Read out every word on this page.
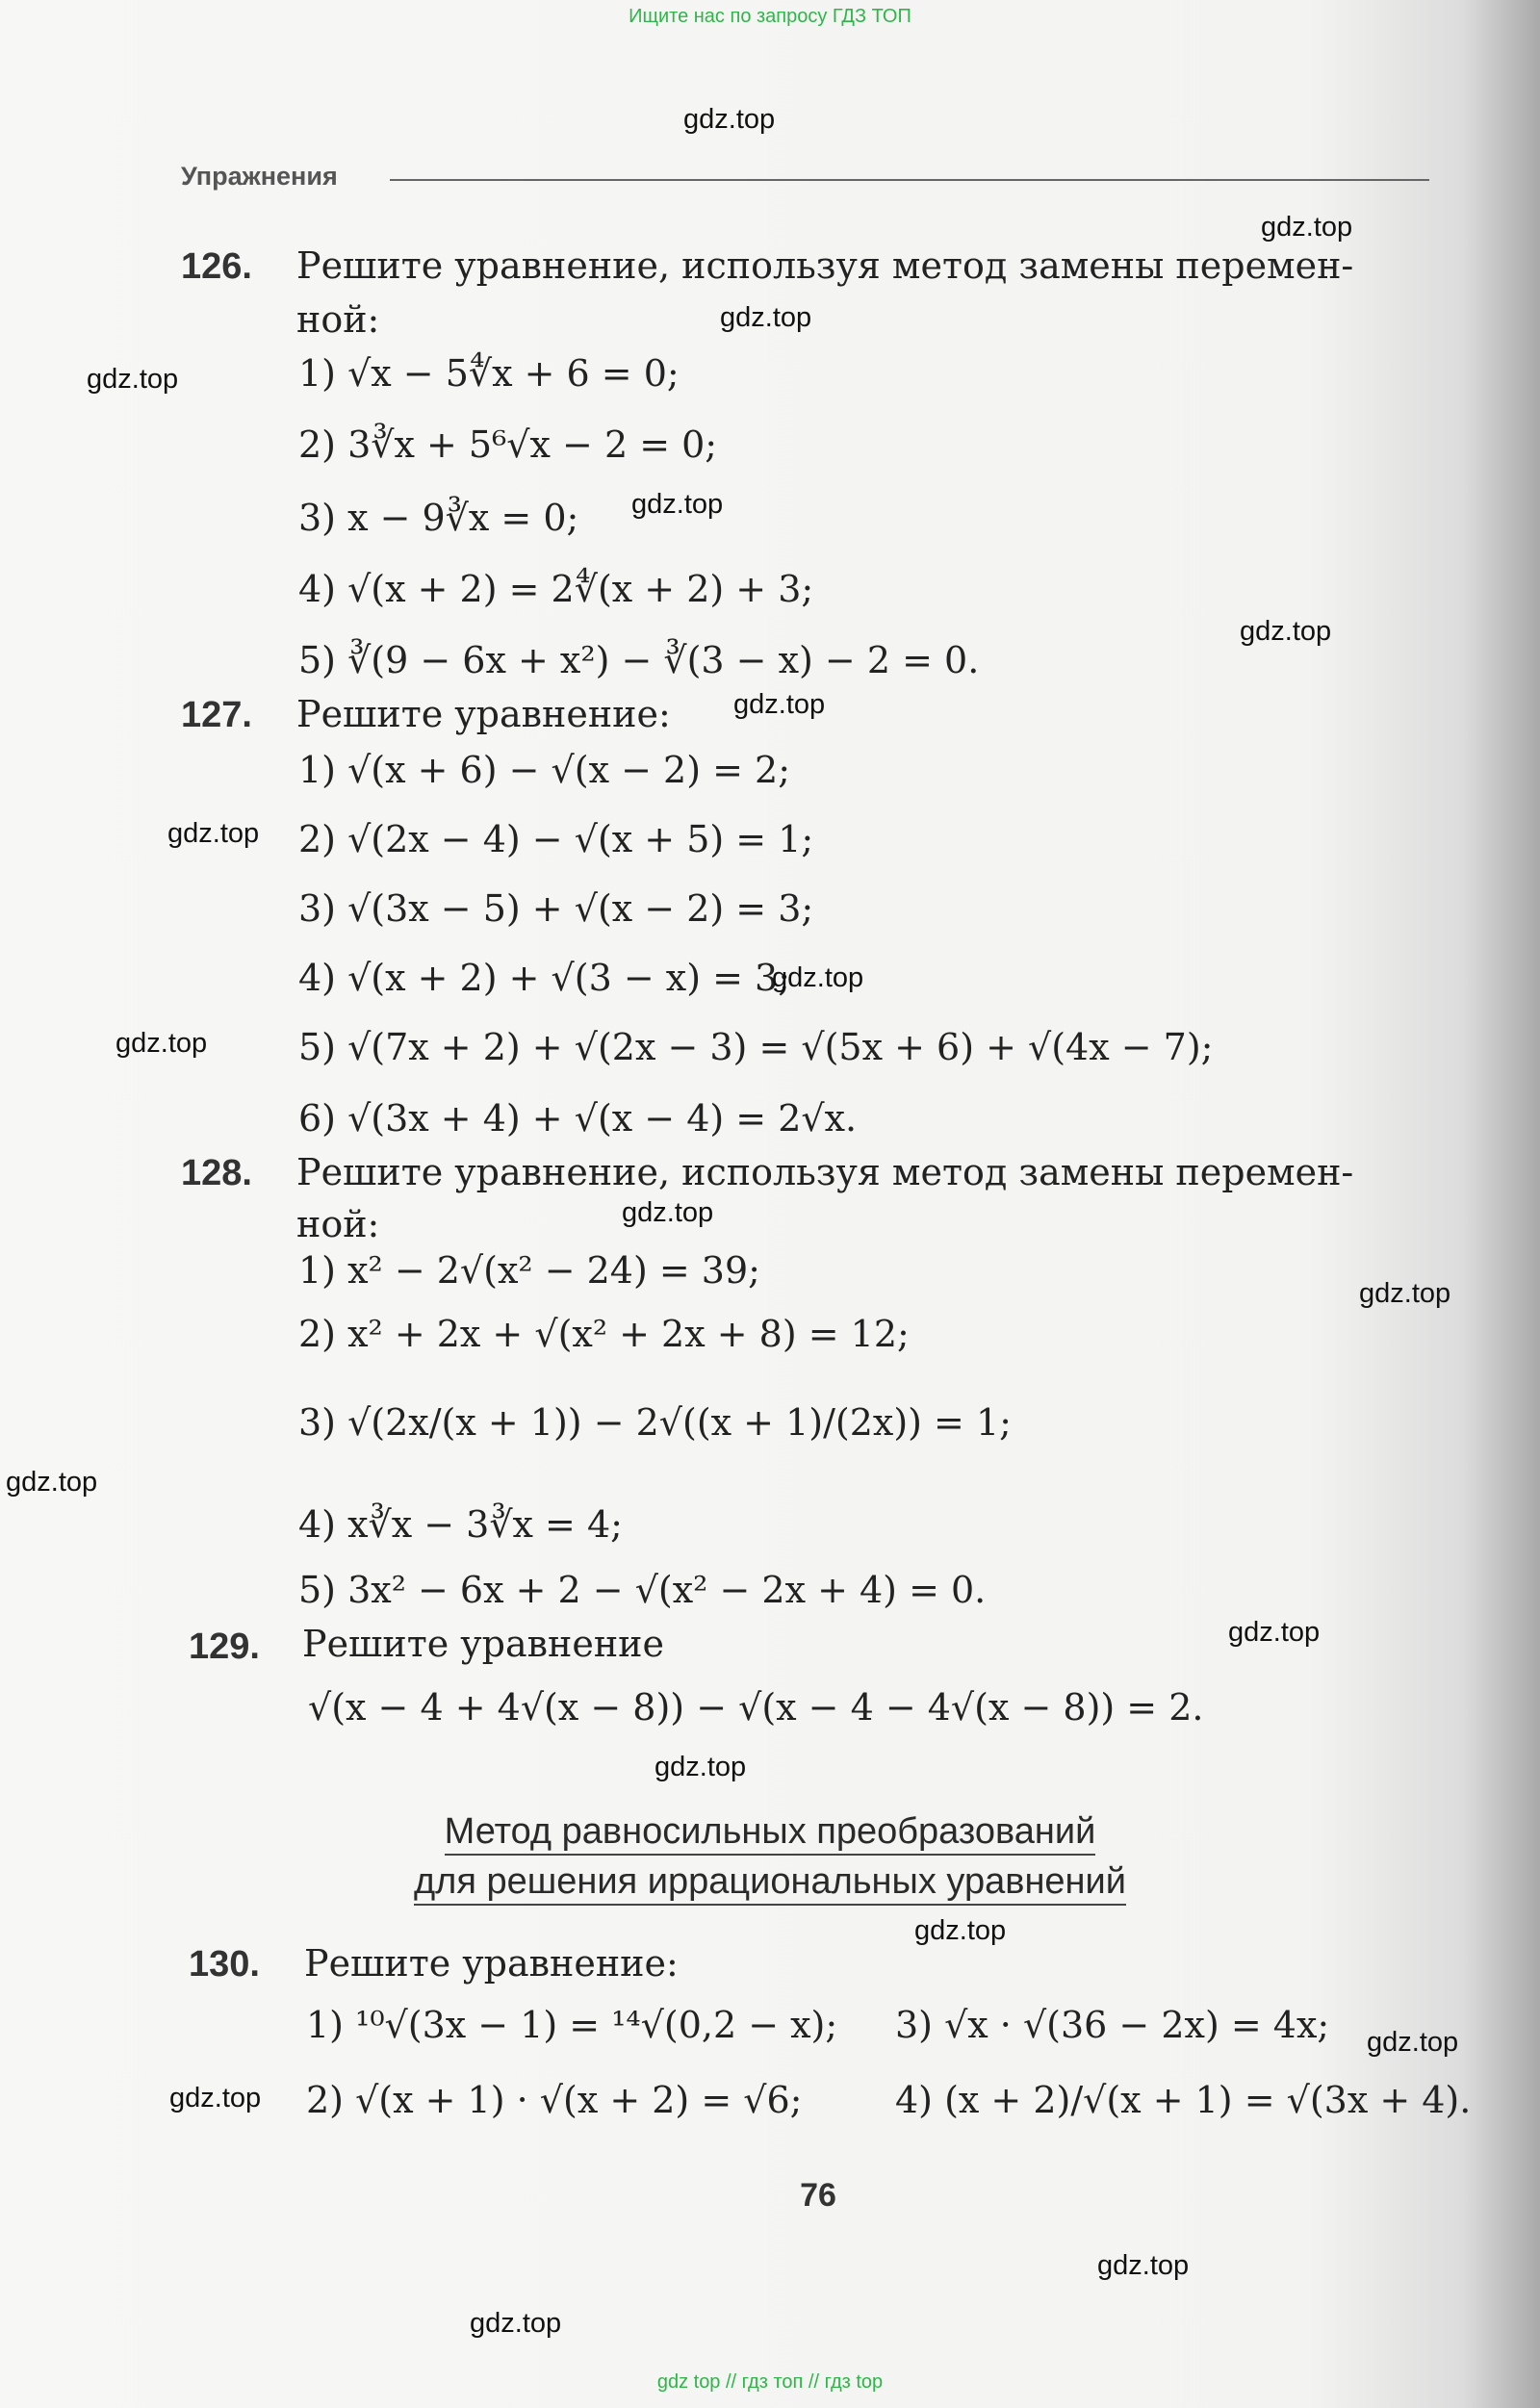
Ищите нас по запросу ГДЗ ТОП
Упражнения
126. Решите уравнение, используя метод замены перемен-
ной:
1) √x − 5∜x + 6 = 0;
2) 3∛x + 5⁶√x − 2 = 0;
3) x − 9∛x = 0;
4) √(x + 2) = 2∜(x + 2) + 3;
5) ∛(9 − 6x + x²) − ∛(3 − x) − 2 = 0.
127. Решите уравнение:
1) √(x + 6) − √(x − 2) = 2;
2) √(2x − 4) − √(x + 5) = 1;
3) √(3x − 5) + √(x − 2) = 3;
4) √(x + 2) + √(3 − x) = 3;
5) √(7x + 2) + √(2x − 3) = √(5x + 6) + √(4x − 7);
6) √(3x + 4) + √(x − 4) = 2√x.
128. Решите уравнение, используя метод замены перемен-
ной:
1) x² − 2√(x² − 24) = 39;
2) x² + 2x + √(x² + 2x + 8) = 12;
3) √(2x/(x + 1)) − 2√((x + 1)/(2x)) = 1;
4) x∛x − 3∛x = 4;
5) 3x² − 6x + 2 − √(x² − 2x + 4) = 0.
129. Решите уравнение
√(x − 4 + 4√(x − 8)) − √(x − 4 − 4√(x − 8)) = 2.
Метод равносильных преобразований
для решения иррациональных уравнений
130. Решите уравнение:
1) ¹⁰√(3x − 1) = ¹⁴√(0,2 − x); 3) √x · √(36 − 2x) = 4x;
2) √(x + 1) · √(x + 2) = √6;	4) (x + 2)/√(x + 1) = √(3x + 4).
76
gdz.top
gdz.top
gdz.top
gdz.top
gdz.top
gdz.top
gdz.top
gdz.top
gdz.top
gdz.top
gdz.top
gdz.top
gdz.top
gdz.top
gdz.top
gdz.top
gdz.top
gdz.top
gdz.top
gdz.top
gdz top // гдз топ // гдз top
